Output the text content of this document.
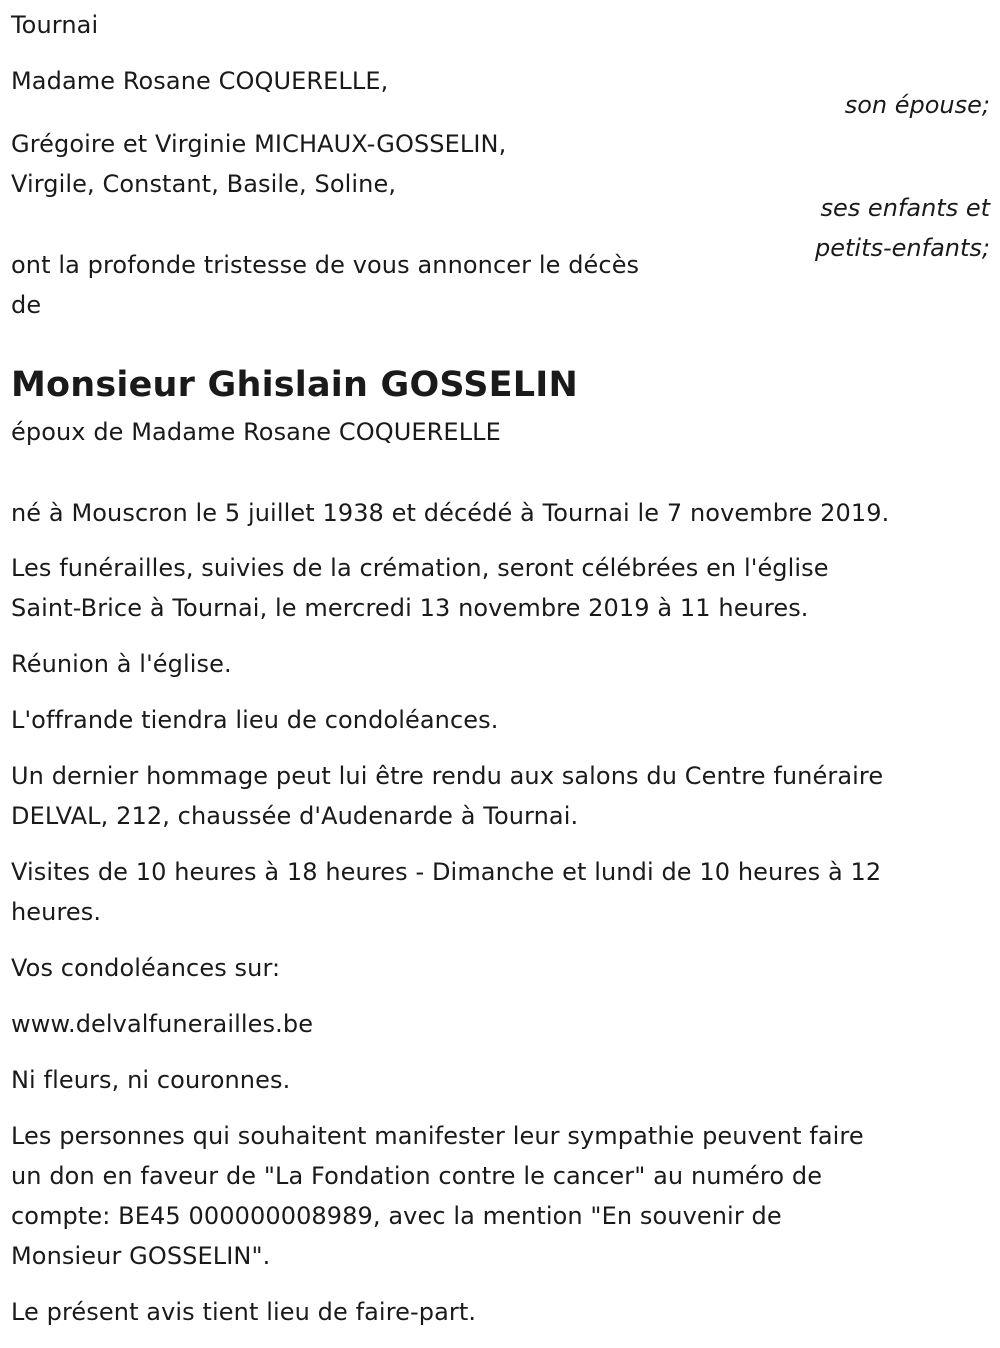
Tournai
Madame Rosane COQUERELLE,
son épouse;
Grégoire et Virginie MICHAUX-GOSSELIN,
Virgile, Constant, Basile, Soline,
ses enfants et
petits-enfants;
ont la profonde tristesse de vous annoncer le décès
de
Monsieur Ghislain GOSSELIN
époux de Madame Rosane COQUERELLE
né à Mouscron le 5 juillet 1938 et décédé à Tournai le 7 novembre 2019.
Les funérailles, suivies de la crémation, seront célébrées en l'église
Saint-Brice à Tournai, le mercredi 13 novembre 2019 à 11 heures.
Réunion à l'église.
L'offrande tiendra lieu de condoléances.
Un dernier hommage peut lui être rendu aux salons du Centre funéraire
DELVAL, 212, chaussée d'Audenarde à Tournai.
Visites de 10 heures à 18 heures - Dimanche et lundi de 10 heures à 12
heures.
Vos condoléances sur:
www.delvalfunerailles.be
Ni fleurs, ni couronnes.
Les personnes qui souhaitent manifester leur sympathie peuvent faire
un don en faveur de "La Fondation contre le cancer" au numéro de
compte: BE45 000000008989, avec la mention "En souvenir de
Monsieur GOSSELIN".
Le présent avis tient lieu de faire-part.
